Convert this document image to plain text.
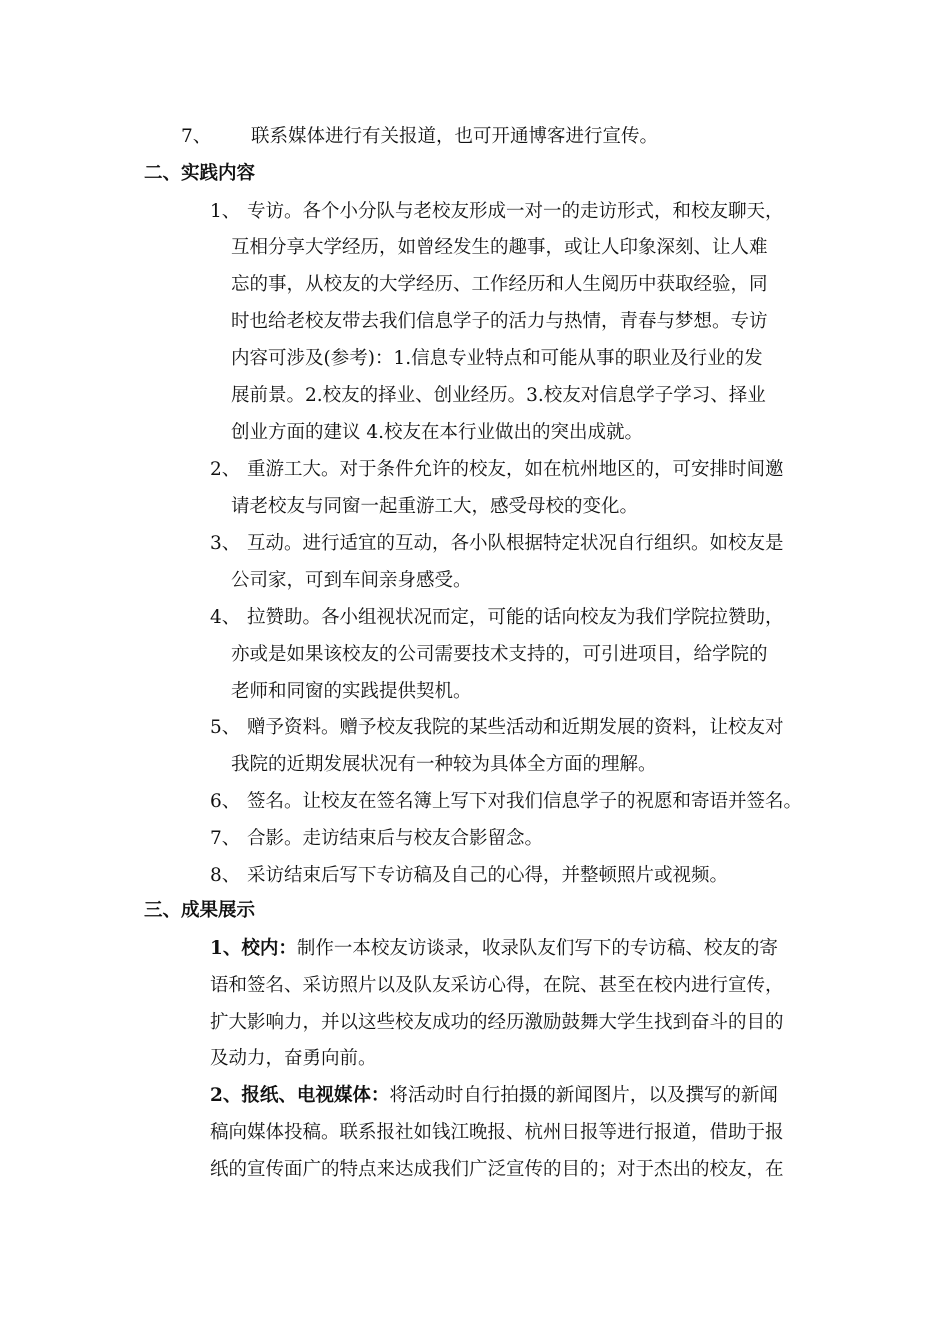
7、 联系媒体进行有关报道，也可开通博客进行宣传。
二、实践内容
1、 专访。各个小分队与老校友形成一对一的走访形式，和校友聊天，
互相分享大学经历，如曾经发生的趣事，或让人印象深刻、让人难
忘的事，从校友的大学经历、工作经历和人生阅历中获取经验，同
时也给老校友带去我们信息学子的活力与热情，青春与梦想。专访
内容可涉及(参考)：1.信息专业特点和可能从事的职业及行业的发
展前景。2.校友的择业、创业经历。3.校友对信息学子学习、择业
创业方面的建议 4.校友在本行业做出的突出成就。
2、 重游工大。对于条件允许的校友，如在杭州地区的，可安排时间邀
请老校友与同窗一起重游工大，感受母校的变化。
3、 互动。进行适宜的互动，各小队根据特定状况自行组织。如校友是
公司家，可到车间亲身感受。
4、 拉赞助。各小组视状况而定，可能的话向校友为我们学院拉赞助，
亦或是如果该校友的公司需要技术支持的，可引进项目，给学院的
老师和同窗的实践提供契机。
5、 赠予资料。赠予校友我院的某些活动和近期发展的资料，让校友对
我院的近期发展状况有一种较为具体全方面的理解。
6、 签名。让校友在签名簿上写下对我们信息学子的祝愿和寄语并签名。
7、 合影。走访结束后与校友合影留念。
8、 采访结束后写下专访稿及自己的心得，并整顿照片或视频。
三、成果展示
1、校内：制作一本校友访谈录，收录队友们写下的专访稿、校友的寄
语和签名、采访照片以及队友采访心得，在院、甚至在校内进行宣传，
扩大影响力，并以这些校友成功的经历激励鼓舞大学生找到奋斗的目的
及动力，奋勇向前。
2、报纸、电视媒体：将活动时自行拍摄的新闻图片，以及撰写的新闻
稿向媒体投稿。联系报社如钱江晚报、杭州日报等进行报道，借助于报
纸的宣传面广的特点来达成我们广泛宣传的目的；对于杰出的校友，在
